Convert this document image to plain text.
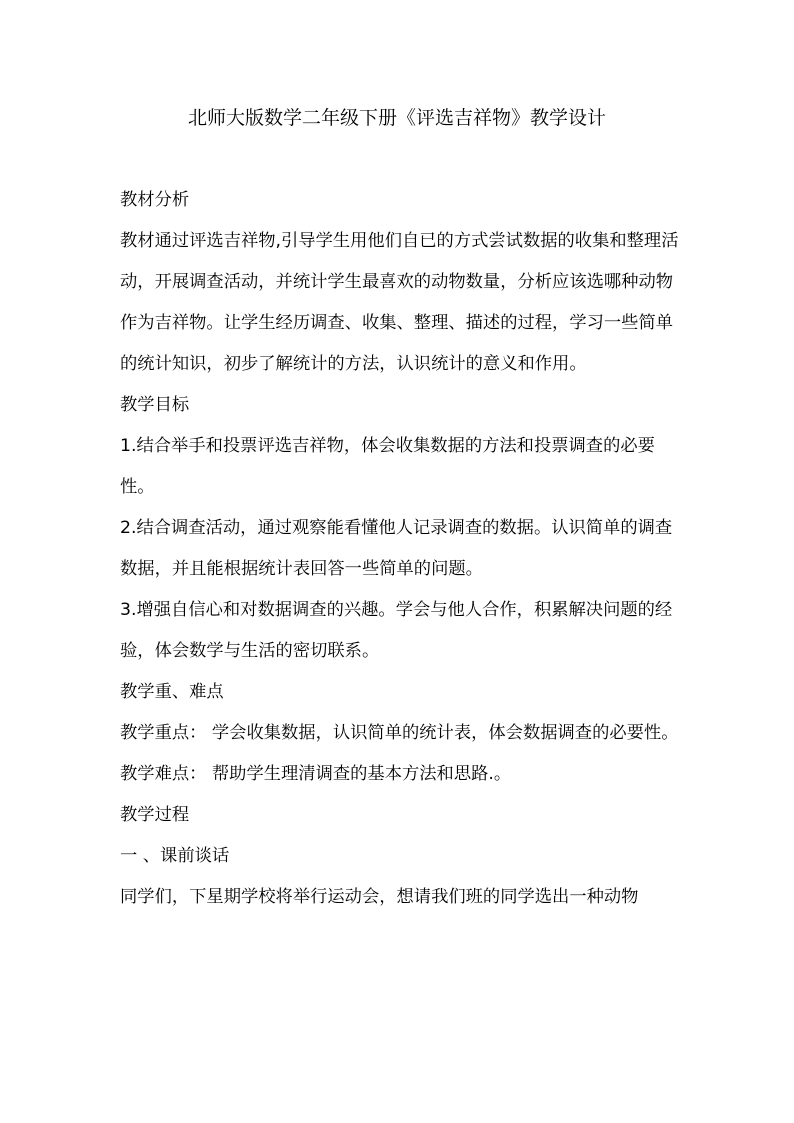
北师大版数学二年级下册《评选吉祥物》教学设计

教材分析

教材通过评选吉祥物,引导学生用他们自已的方式尝试数据的收集和整理活动，开展调查活动，并统计学生最喜欢的动物数量，分析应该选哪种动物作为吉祥物。让学生经历调查、收集、整理、描述的过程，学习一些简单的统计知识，初步了解统计的方法，认识统计的意义和作用。

教学目标

1.结合举手和投票评选吉祥物，体会收集数据的方法和投票调查的必要性。

2.结合调查活动，通过观察能看懂他人记录调查的数据。认识简单的调查数据，并且能根据统计表回答一些简单的问题。

3.增强自信心和对数据调查的兴趣。学会与他人合作，积累解决问题的经验，体会数学与生活的密切联系。

教学重、难点

教学重点： 学会收集数据，认识简单的统计表，体会数据调查的必要性。

教学难点： 帮助学生理清调查的基本方法和思路.。

教学过程

一 、课前谈话

同学们，下星期学校将举行运动会，想请我们班的同学选出一种动物
